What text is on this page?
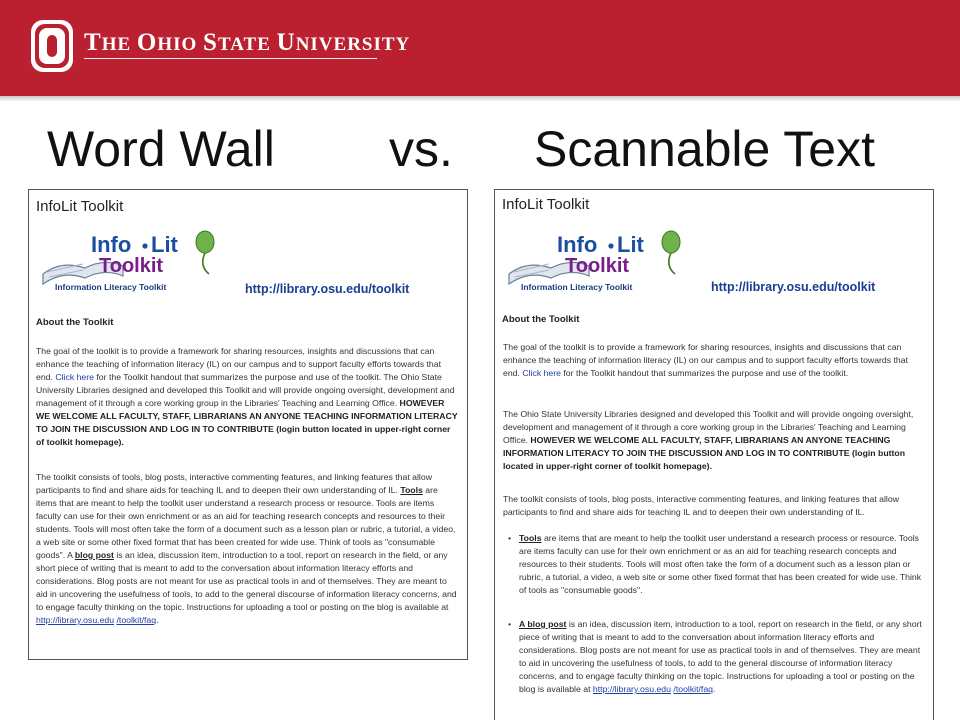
THE OHIO STATE UNIVERSITY
Word Wall vs. Scannable Text
InfoLit Toolkit
Info Lit
Toolkit
Information Literacy Toolkit	http://library.osu.edu/toolkit
About the Toolkit
The goal of the toolkit is to provide a framework for sharing resources, insights and discussions that can enhance the teaching of information literacy (IL) on our campus and to support faculty efforts towards that end. Click here for the Toolkit handout that summarizes the purpose and use of the toolkit. The Ohio State University Libraries designed and developed this Toolkit and will provide ongoing oversight, development and management of it through a core working group in the Libraries' Teaching and Learning Office. HOWEVER WE WELCOME ALL FACULTY, STAFF, LIBRARIANS AN ANYONE TEACHING INFORMATION LITERACY TO JOIN THE DISCUSSION AND LOG IN TO CONTRIBUTE (login button located in upper-right corner of toolkit homepage).
The toolkit consists of tools, blog posts, interactive commenting features, and linking features that allow participants to find and share aids for teaching IL and to deepen their own understanding of IL. Tools are items that are meant to help the toolkit user understand a research process or resource. Tools are items faculty can use for their own enrichment or as an aid for teaching research concepts and resources to their students. Tools will most often take the form of a document such as a lesson plan or rubric, a tutorial, a video, a web site or some other fixed format that has been created for wide use. Think of tools as "consumable goods". A blog post is an idea, discussion item, introduction to a tool, report on research in the field, or any short piece of writing that is meant to add to the conversation about information literacy efforts and considerations. Blog posts are not meant for use as practical tools in and of themselves. They are meant to aid in uncovering the usefulness of tools, to add to the general discourse of information literacy concerns, and to engage faculty thinking on the topic. Instructions for uploading a tool or posting on the blog is available at http://library.osu.edu /toolkit/faq.
InfoLit Toolkit
Info Lit
Toolkit
Information Literacy Toolkit	http://library.osu.edu/toolkit
About the Toolkit
The goal of the toolkit is to provide a framework for sharing resources, insights and discussions that can enhance the teaching of information literacy (IL) on our campus and to support faculty efforts towards that end. Click here for the Toolkit handout that summarizes the purpose and use of the toolkit.
The Ohio State University Libraries designed and developed this Toolkit and will provide ongoing oversight, development and management of it through a core working group in the Libraries' Teaching and Learning Office. HOWEVER WE WELCOME ALL FACULTY, STAFF, LIBRARIANS AN ANYONE TEACHING INFORMATION LITERACY TO JOIN THE DISCUSSION AND LOG IN TO CONTRIBUTE (login button located in upper-right corner of toolkit homepage).
The toolkit consists of tools, blog posts, interactive commenting features, and linking features that allow participants to find and share aids for teaching IL and to deepen their own understanding of IL.
• Tools are items that are meant to help the toolkit user understand a research process or resource. Tools are items faculty can use for their own enrichment or as an aid for teaching research concepts and resources to their students. Tools will most often take the form of a document such as a lesson plan or rubric, a tutorial, a video, a web site or some other fixed format that has been created for wide use. Think of tools as "consumable goods".
• A blog post is an idea, discussion item, introduction to a tool, report on research in the field, or any short piece of writing that is meant to add to the conversation about information literacy efforts and considerations. Blog posts are not meant for use as practical tools in and of themselves. They are meant to aid in uncovering the usefulness of tools, to add to the general discourse of information literacy concerns, and to engage faculty thinking on the topic. Instructions for uploading a tool or posting on the blog is available at http://library.osu.edu /toolkit/faq.
